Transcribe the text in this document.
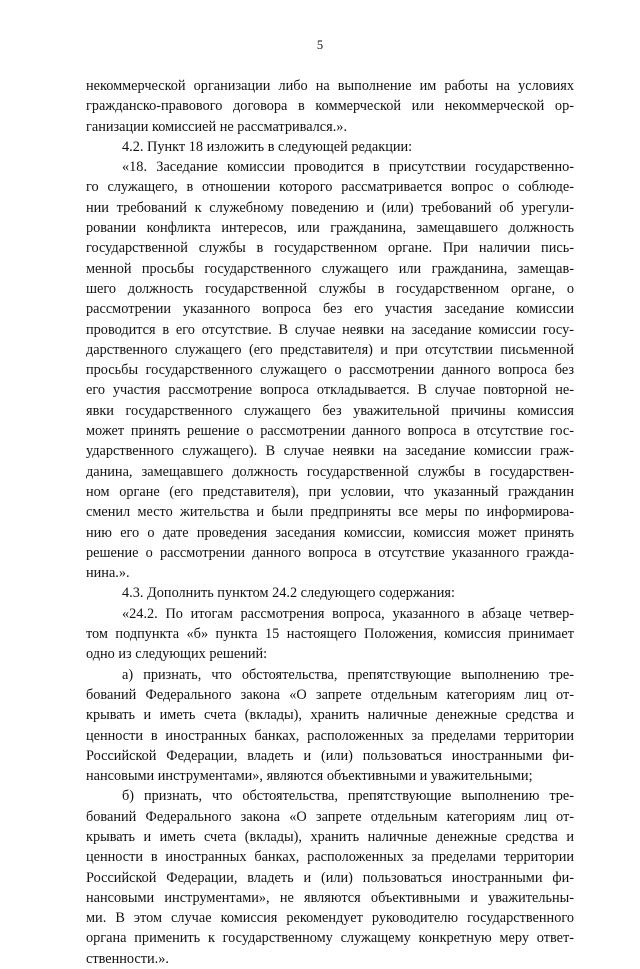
5
некоммерческой организации либо на выполнение им работы на условиях
гражданско-правового договора в коммерческой или некоммерческой ор-
ганизации комиссией не рассматривался.».
4.2. Пункт 18 изложить в следующей редакции:
«18. Заседание комиссии проводится в присутствии государственно-
го служащего, в отношении которого рассматривается вопрос о соблюде-
нии требований к служебному поведению и (или) требований об урегули-
ровании конфликта интересов, или гражданина, замещавшего должность
государственной службы в государственном органе. При наличии пись-
менной просьбы государственного служащего или гражданина, замещав-
шего должность государственной службы в государственном органе, о
рассмотрении указанного вопроса без его участия заседание комиссии
проводится в его отсутствие. В случае неявки на заседание комиссии госу-
дарственного служащего (его представителя) и при отсутствии письменной
просьбы государственного служащего о рассмотрении данного вопроса без
его участия рассмотрение вопроса откладывается. В случае повторной не-
явки государственного служащего без уважительной причины комиссия
может принять решение о рассмотрении данного вопроса в отсутствие гос-
ударственного служащего). В случае неявки на заседание комиссии граж-
данина, замещавшего должность государственной службы в государствен-
ном органе (его представителя), при условии, что указанный гражданин
сменил место жительства и были предприняты все меры по информирова-
нию его о дате проведения заседания комиссии, комиссия может принять
решение о рассмотрении данного вопроса в отсутствие указанного гражда-
нина.».
4.3. Дополнить пунктом 24.2 следующего содержания:
«24.2. По итогам рассмотрения вопроса, указанного в абзаце четвер-
том подпункта «б» пункта 15 настоящего Положения, комиссия принимает
одно из следующих решений:
а) признать, что обстоятельства, препятствующие выполнению тре-
бований Федерального закона «О запрете отдельным категориям лиц от-
крывать и иметь счета (вклады), хранить наличные денежные средства и
ценности в иностранных банках, расположенных за пределами территории
Российской Федерации, владеть и (или) пользоваться иностранными фи-
нансовыми инструментами», являются объективными и уважительными;
б) признать, что обстоятельства, препятствующие выполнению тре-
бований Федерального закона «О запрете отдельным категориям лиц от-
крывать и иметь счета (вклады), хранить наличные денежные средства и
ценности в иностранных банках, расположенных за пределами территории
Российской Федерации, владеть и (или) пользоваться иностранными фи-
нансовыми инструментами», не являются объективными и уважительны-
ми. В этом случае комиссия рекомендует руководителю государственного
органа применить к государственному служащему конкретную меру ответ-
ственности.».
